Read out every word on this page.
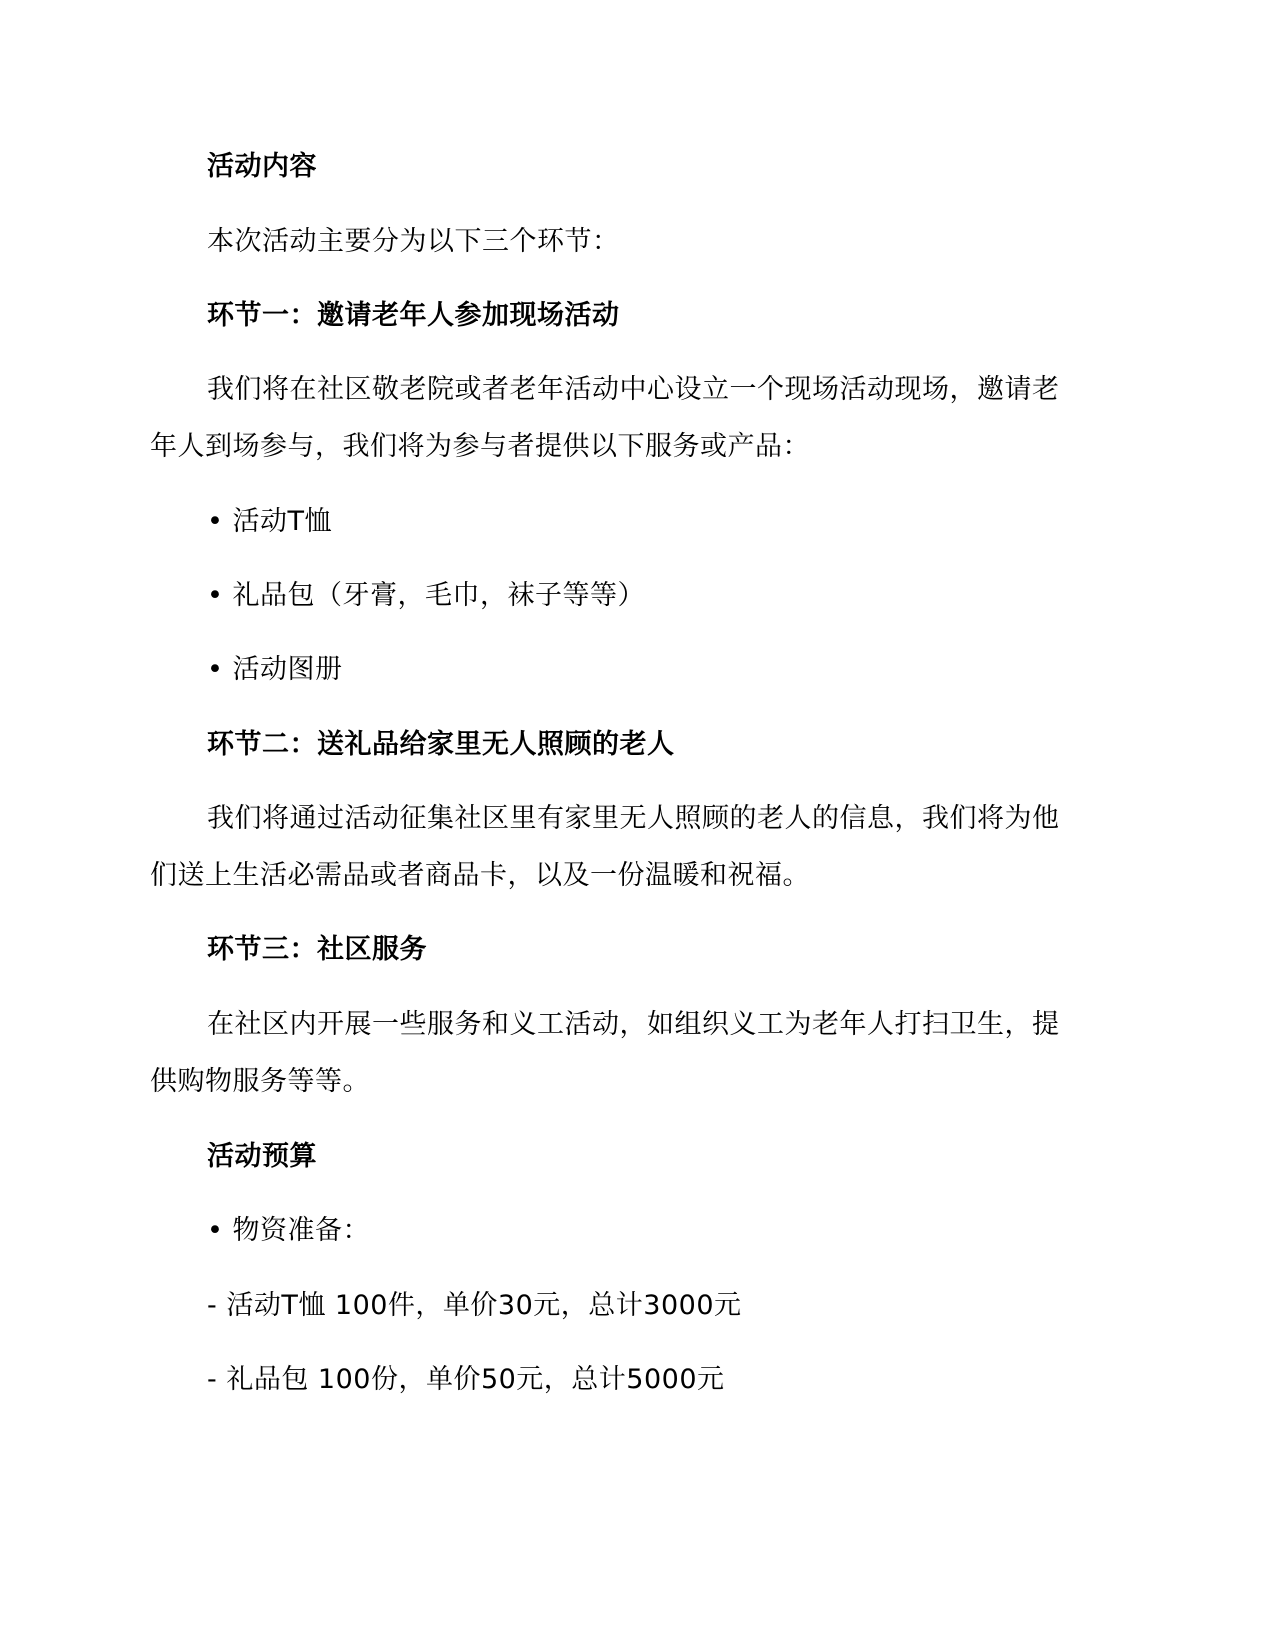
活动内容

本次活动主要分为以下三个环节：

环节一：邀请老年人参加现场活动

我们将在社区敬老院或者老年活动中心设立一个现场活动现场，邀请老

年人到场参与，我们将为参与者提供以下服务或产品：

• 活动T恤

• 礼品包（牙膏，毛巾，袜子等等）

• 活动图册

环节二：送礼品给家里无人照顾的老人

我们将通过活动征集社区里有家里无人照顾的老人的信息，我们将为他

们送上生活必需品或者商品卡，以及一份温暖和祝福。

环节三：社区服务

在社区内开展一些服务和义工活动，如组织义工为老年人打扫卫生，提

供购物服务等等。

活动预算

• 物资准备：

- 活动T恤 100件，单价30元，总计3000元

- 礼品包 100份，单价50元，总计5000元
